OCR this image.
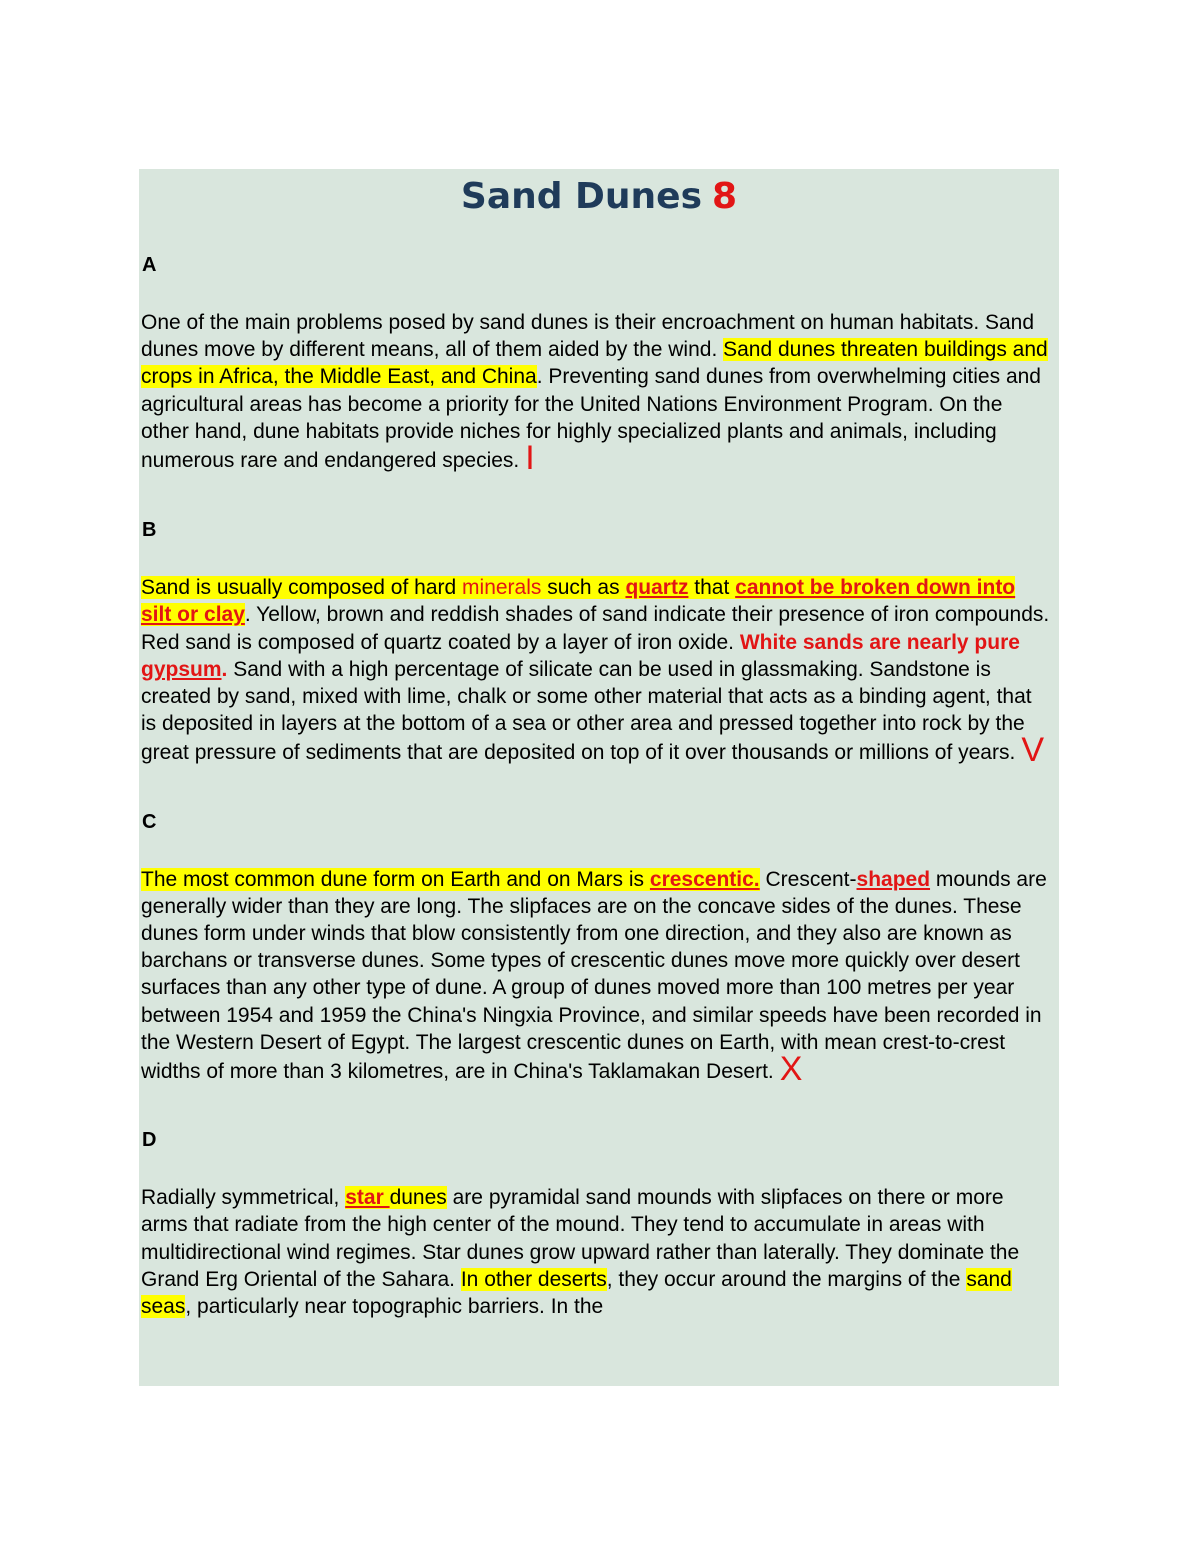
Sand Dunes 8
A
One of the main problems posed by sand dunes is their encroachment on human habitats. Sand dunes move by different means, all of them aided by the wind. Sand dunes threaten buildings and crops in Africa, the Middle East, and China. Preventing sand dunes from overwhelming cities and agricultural areas has become a priority for the United Nations Environment Program. On the other hand, dune habitats provide niches for highly specialized plants and animals, including numerous rare and endangered species. I
B
Sand is usually composed of hard minerals such as quartz that cannot be broken down into silt or clay. Yellow, brown and reddish shades of sand indicate their presence of iron compounds. Red sand is composed of quartz coated by a layer of iron oxide. White sands are nearly pure gypsum. Sand with a high percentage of silicate can be used in glassmaking. Sandstone is created by sand, mixed with lime, chalk or some other material that acts as a binding agent, that is deposited in layers at the bottom of a sea or other area and pressed together into rock by the great pressure of sediments that are deposited on top of it over thousands or millions of years. V
C
The most common dune form on Earth and on Mars is crescentic. Crescent-shaped mounds are generally wider than they are long. The slipfaces are on the concave sides of the dunes. These dunes form under winds that blow consistently from one direction, and they also are known as barchans or transverse dunes. Some types of crescentic dunes move more quickly over desert surfaces than any other type of dune. A group of dunes moved more than 100 metres per year between 1954 and 1959 the China's Ningxia Province, and similar speeds have been recorded in the Western Desert of Egypt. The largest crescentic dunes on Earth, with mean crest-to-crest widths of more than 3 kilometres, are in China's Taklamakan Desert. X
D
Radially symmetrical, star dunes are pyramidal sand mounds with slipfaces on there or more arms that radiate from the high center of the mound. They tend to accumulate in areas with multidirectional wind regimes. Star dunes grow upward rather than laterally. They dominate the Grand Erg Oriental of the Sahara. In other deserts, they occur around the margins of the sand seas, particularly near topographic barriers. In the
